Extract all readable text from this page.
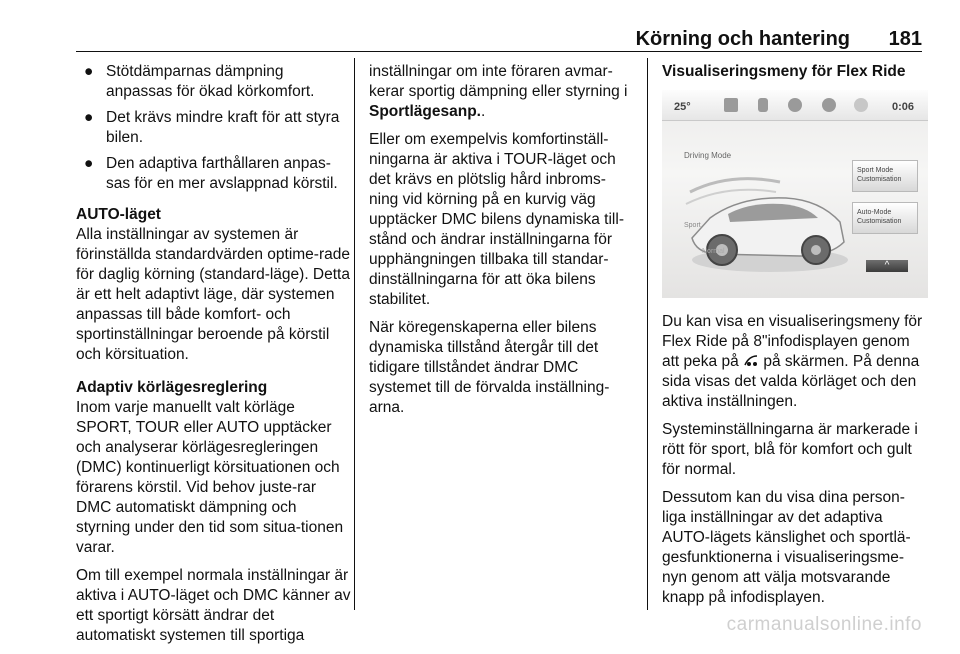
Körning och hantering 181
● Stötdämparnas dämpning anpassas för ökad körkomfort.
● Det krävs mindre kraft för att styra bilen.
● Den adaptiva farthållaren anpas-sas för en mer avslappnad körstil.
AUTO-läget
Alla inställningar av systemen är förinställda standardvärden optime-rade för daglig körning (standard-läge). Detta är ett helt adaptivt läge, där systemen anpassas till både komfort- och sportinställningar beroende på körstil och körsituation.
Adaptiv körlägesreglering

Inom varje manuellt valt körläge SPORT, TOUR eller AUTO upptäcker och analyserar körlägesregleringen (DMC) kontinuerligt körsituationen och förarens körstil. Vid behov juste-rar DMC automatiskt dämpning och styrning under den tid som situa-tionen varar.

Om till exempel normala inställningar är aktiva i AUTO-läget och DMC känner av ett sportigt körsätt ändrar det automatiskt systemen till sportiga

inställningar om inte föraren avmar-kerar sportig dämpning eller styrning i Sportlägesanp..

Eller om exempelvis komfortinställ-ningarna är aktiva i TOUR-läget och det krävs en plötslig hård inbroms-ning vid körning på en kurvig väg upptäcker DMC bilens dynamiska till-stånd och ändrar inställningarna för upphängningen tillbaka till standar-dinställningarna för att öka bilens stabilitet.

När köregenskaperna eller bilens dynamiska tillstånd återgår till det tidigare tillståndet ändrar DMC systemet till de förvalda inställning-arna.

Visualiseringsmeny för Flex Ride
25°	0:06
Driving Mode
Sport Mode Customisation
Auto-Mode Customisation
Sport
Normal
^

Du kan visa en visualiseringsmeny för Flex Ride på 8"infodisplayen genom att peka på  på skärmen. På denna sida visas det valda körläget och den aktiva inställningen.

Systeminställningarna är markerade i rött för sport, blå för komfort och gult för normal.

Dessutom kan du visa dina person-liga inställningar av det adaptiva AUTO-lägets känslighet och sportlä-gesfunktionerna i visualiseringsme-nyn genom att välja motsvarande knapp på infodisplayen.

carmanualsonline.info
